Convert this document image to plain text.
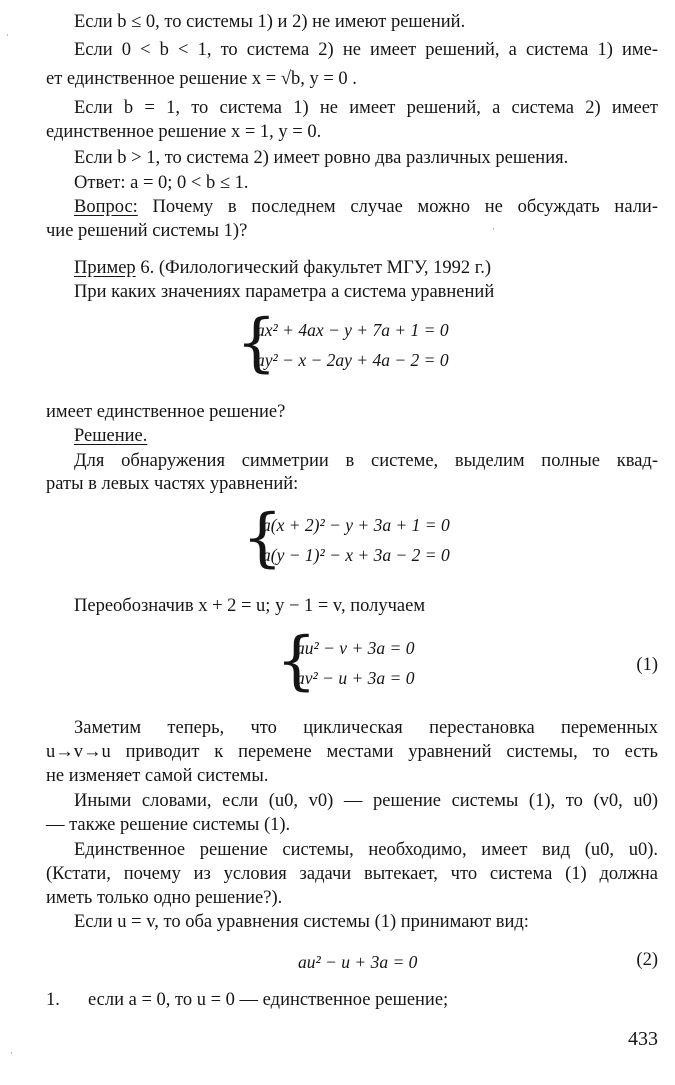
Если b ≤ 0, то системы 1) и 2) не имеют решений.
Если 0 < b < 1, то система 2) не имеет решений, а система 1) име-
ет единственное решение x = √b, y = 0 .
Если b = 1, то система 1) не имеет решений, а система 2) имеет
единственное решение x = 1, y = 0.
Если b > 1, то система 2) имеет ровно два различных решения.
Ответ: a = 0; 0 < b ≤ 1.
Вопрос: Почему в последнем случае можно не обсуждать нали-
чие решений системы 1)?
Пример 6. (Филологический факультет МГУ, 1992 г.)
При каких значениях параметра a система уравнений
{
ax² + 4ax − y + 7a + 1 = 0
ay² − x − 2ay + 4a − 2 = 0
имеет единственное решение?
Решение.
Для обнаружения симметрии в системе, выделим полные квад-
раты в левых частях уравнений:
{
a(x + 2)² − y + 3a + 1 = 0
a(y − 1)² − x + 3a − 2 = 0
Переобозначив x + 2 = u; y − 1 = v, получаем
{
au² − v + 3a = 0
av² − u + 3a = 0
(1)
Заметим теперь, что циклическая перестановка переменных
u→v→u приводит к перемене местами уравнений системы, то есть
не изменяет самой системы.
Иными словами, если (u0, v0) — решение системы (1), то (v0, u0)
— также решение системы (1).
Единственное решение системы, необходимо, имеет вид (u0, u0).
(Кстати, почему из условия задачи вытекает, что система (1) должна
иметь только одно решение?).
Если u = v, то оба уравнения системы (1) принимают вид:
au² − u + 3a = 0	(2)
1. если a = 0, то u = 0 — единственное решение;
433
·
·
·
